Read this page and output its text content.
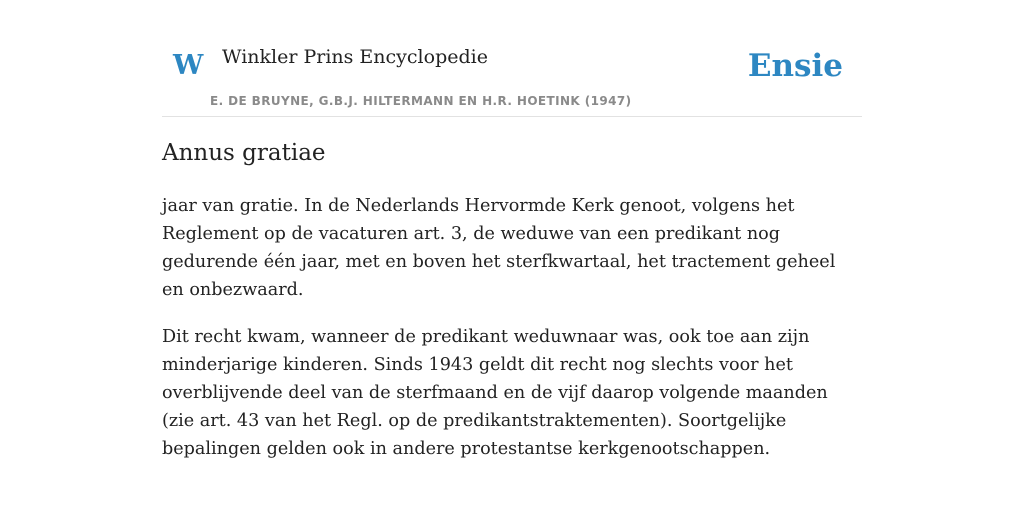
W Winkler Prins Encyclopedie
E. DE BRUYNE, G.B.J. HILTERMANN EN H.R. HOETINK (1947)
Ensie
Annus gratiae

jaar van gratie. In de Nederlands Hervormde Kerk genoot, volgens het Reglement op de vacaturen art. 3, de weduwe van een predikant nog gedurende één jaar, met en boven het sterfkwartaal, het tractement geheel en onbezwaard.

Dit recht kwam, wanneer de predikant weduwnaar was, ook toe aan zijn minderjarige kinderen. Sinds 1943 geldt dit recht nog slechts voor het overblijvende deel van de sterfmaand en de vijf daarop volgende maanden (zie art. 43 van het Regl. op de predikantstraktementen). Soortgelijke bepalingen gelden ook in andere protestantse kerkgenootschappen.
